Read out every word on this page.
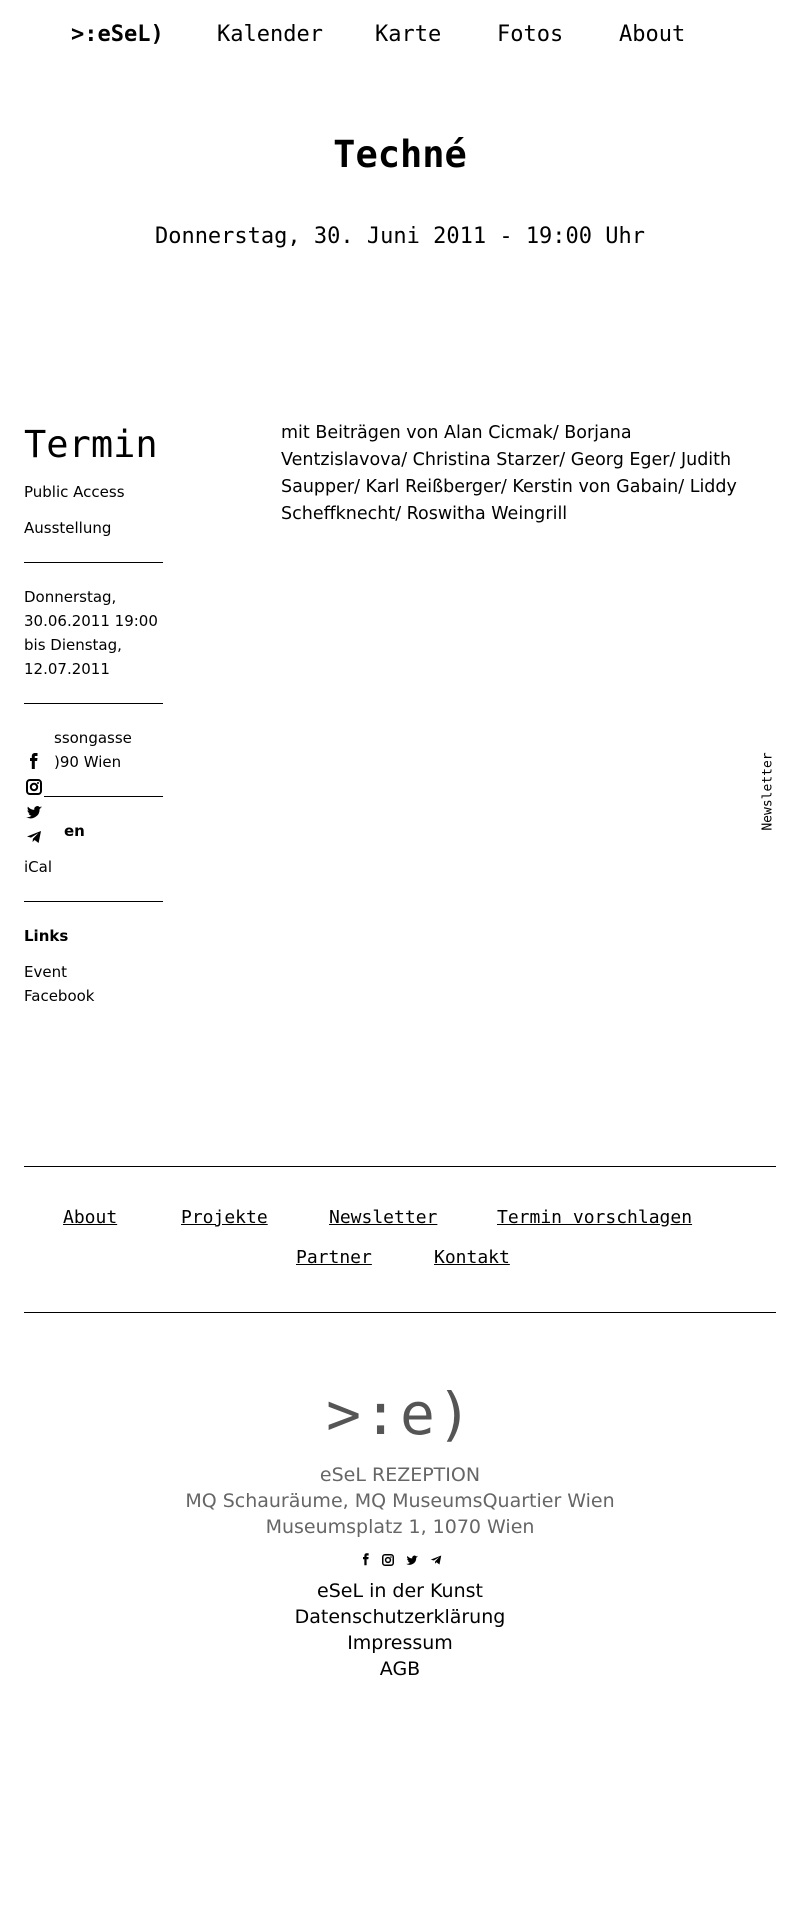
>:eSeL) Kalender Karte	Fotos	About
Techné
Donnerstag, 30. Juni 2011 - 19:00 Uhr
Termin
Public Access
Ausstellung
Donnerstag,
30.06.2011 19:00
bis Dienstag,
12.07.2011
ssongasse
)90 Wien
en
iCal
Links
Event
Facebook
mit Beiträgen von Alan Cicmak/ Borjana Ventzislavova/ Christina Starzer/ Georg Eger/ Judith Saupper/ Karl Reißberger/ Kerstin von Gabain/ Liddy Scheffknecht/ Roswitha Weingrill
Newsletter
About	Projekte	Newsletter	Termin vorschlagen
Partner	Kontakt
>:e)
eSeL REZEPTION
MQ Schauräume, MQ MuseumsQuartier Wien
Museumsplatz 1, 1070 Wien
eSeL in der Kunst
Datenschutzerklärung
Impressum
AGB
